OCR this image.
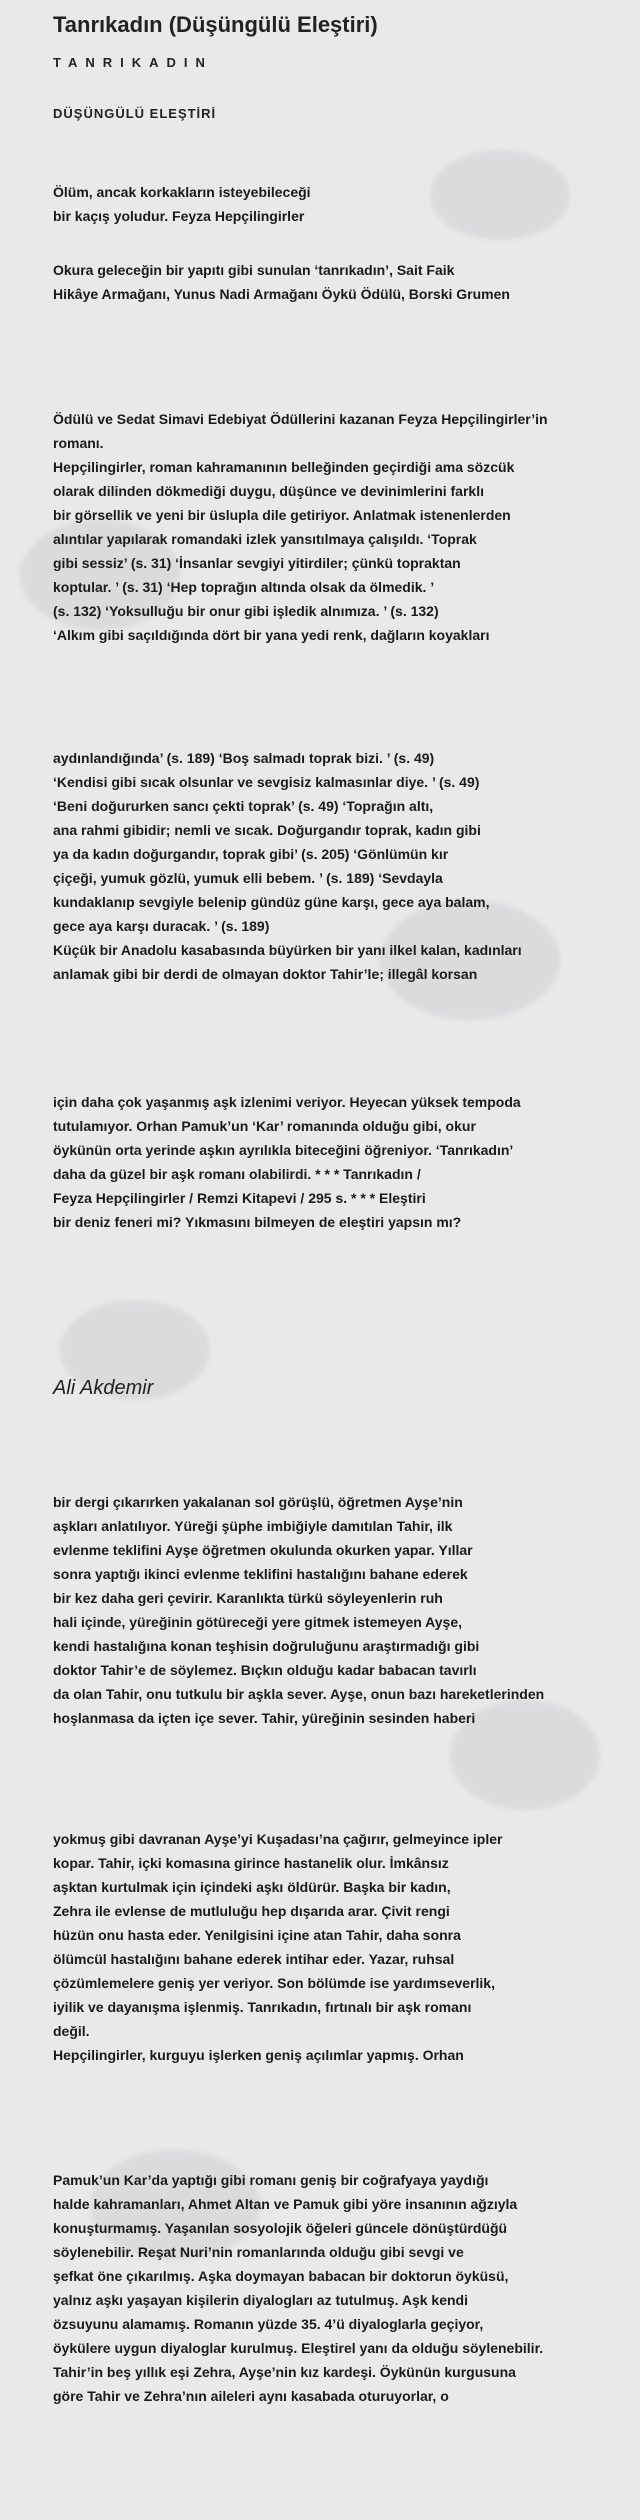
Tanrıkadın (Düşüngülü Eleştiri)
TANRIKADIN
DÜŞÜNGÜLÜ ELEŞTİRİ
Ölüm, ancak korkakların isteyebileceği
bir kaçış yoludur. Feyza Hepçilingirler
Okura geleceğin bir yapıtı gibi sunulan ‘tanrıkadın’, Sait Faik
Hikâye Armağanı, Yunus Nadi Armağanı Öykü Ödülü, Borski Grumen
Ödülü ve Sedat Simavi Edebiyat Ödüllerini kazanan Feyza Hepçilingirler’in
romanı.
Hepçilingirler, roman kahramanının belleğinden geçirdiği ama sözcük
olarak dilinden dökmediği duygu, düşünce ve devinimlerini farklı
bir görsellik ve yeni bir üslupla dile getiriyor. Anlatmak istenenlerden
alıntılar yapılarak romandaki izlek yansıtılmaya çalışıldı. ‘Toprak
gibi sessiz’ (s. 31) ‘İnsanlar sevgiyi yitirdiler; çünkü topraktan
koptular. ’ (s. 31) ‘Hep toprağın altında olsak da ölmedik. ’
(s. 132) ‘Yoksulluğu bir onur gibi işledik alnımıza. ’ (s. 132)
‘Alkım gibi saçıldığında dört bir yana yedi renk, dağların koyakları
aydınlandığında’ (s. 189) ‘Boş salmadı toprak bizi. ’ (s. 49)
‘Kendisi gibi sıcak olsunlar ve sevgisiz kalmasınlar diye. ’ (s. 49)
‘Beni doğururken sancı çekti toprak’ (s. 49) ‘Toprağın altı,
ana rahmi gibidir; nemli ve sıcak. Doğurgandır toprak, kadın gibi
ya da kadın doğurgandır, toprak gibi’ (s. 205) ‘Gönlümün kır
çiçeği, yumuk gözlü, yumuk elli bebem. ’ (s. 189) ‘Sevdayla
kundaklanıp sevgiyle belenip gündüz güne karşı, gece aya balam,
gece aya karşı duracak. ’ (s. 189)
Küçük bir Anadolu kasabasında büyürken bir yanı ilkel kalan, kadınları
anlamak gibi bir derdi de olmayan doktor Tahir’le; illegâl korsan
için daha çok yaşanmış aşk izlenimi veriyor. Heyecan yüksek tempoda
tutulamıyor. Orhan Pamuk’un ‘Kar’ romanında olduğu gibi, okur
öykünün orta yerinde aşkın ayrılıkla biteceğini öğreniyor. ‘Tanrıkadın’
daha da güzel bir aşk romanı olabilirdi. * * * Tanrıkadın /
Feyza Hepçilingirler / Remzi Kitapevi / 295 s. * * * Eleştiri
bir deniz feneri mi? Yıkmasını bilmeyen de eleştiri yapsın mı?
Ali Akdemir
bir dergi çıkarırken yakalanan sol görüşlü, öğretmen Ayşe’nin
aşkları anlatılıyor. Yüreği şüphe imbiğiyle damıtılan Tahir, ilk
evlenme teklifini Ayşe öğretmen okulunda okurken yapar. Yıllar
sonra yaptığı ikinci evlenme teklifini hastalığını bahane ederek
bir kez daha geri çevirir. Karanlıkta türkü söyleyenlerin ruh
hali içinde, yüreğinin götüreceği yere gitmek istemeyen Ayşe,
kendi hastalığına konan teşhisin doğruluğunu araştırmadığı gibi
doktor Tahir’e de söylemez. Bıçkın olduğu kadar babacan tavırlı
da olan Tahir, onu tutkulu bir aşkla sever. Ayşe, onun bazı hareketlerinden
hoşlanmasa da içten içe sever. Tahir, yüreğinin sesinden haberi
yokmuş gibi davranan Ayşe’yi Kuşadası’na çağırır, gelmeyince ipler
kopar. Tahir, içki komasına girince hastanelik olur. İmkânsız
aşktan kurtulmak için içindeki aşkı öldürür. Başka bir kadın,
Zehra ile evlense de mutluluğu hep dışarıda arar. Çivit rengi
hüzün onu hasta eder. Yenilgisini içine atan Tahir, daha sonra
ölümcül hastalığını bahane ederek intihar eder. Yazar, ruhsal
çözümlemelere geniş yer veriyor. Son bölümde ise yardımseverlik,
iyilik ve dayanışma işlenmiş. Tanrıkadın, fırtınalı bir aşk romanı
değil.
Hepçilingirler, kurguyu işlerken geniş açılımlar yapmış. Orhan
Pamuk’un Kar’da yaptığı gibi romanı geniş bir coğrafyaya yaydığı
halde kahramanları, Ahmet Altan ve Pamuk gibi yöre insanının ağzıyla
konuşturmamış. Yaşanılan sosyolojik öğeleri güncele dönüştürdüğü
söylenebilir. Reşat Nuri’nin romanlarında olduğu gibi sevgi ve
şefkat öne çıkarılmış. Aşka doymayan babacan bir doktorun öyküsü,
yalnız aşkı yaşayan kişilerin diyalogları az tutulmuş. Aşk kendi
özsuyunu alamamış. Romanın yüzde 35. 4’ü diyaloglarla geçiyor,
öykülere uygun diyaloglar kurulmuş. Eleştirel yanı da olduğu söylenebilir.
Tahir’in beş yıllık eşi Zehra, Ayşe’nin kız kardeşi. Öykünün kurgusuna
göre Tahir ve Zehra’nın aileleri aynı kasabada oturuyorlar, o
